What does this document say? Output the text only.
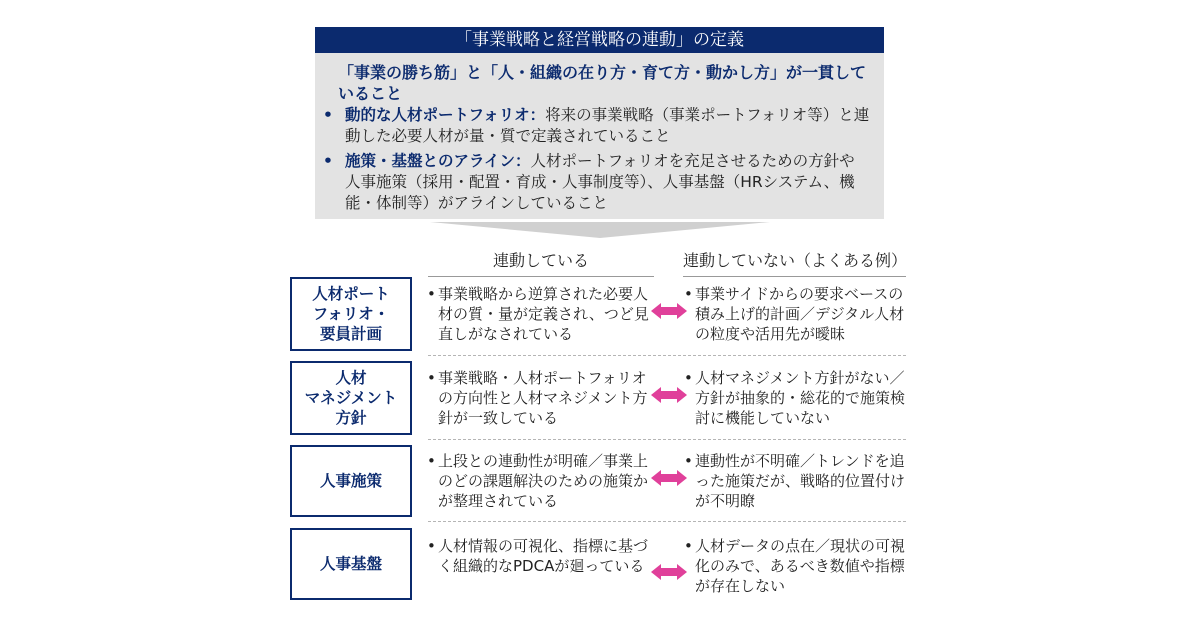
「事業戦略と経営戦略の連動」の定義
「事業の勝ち筋」と「人・組織の在り方・育て方・動かし方」が一貫していること
• 動的な人材ポートフォリオ：将来の事業戦略（事業ポートフォリオ等）と連動した必要人材が量・質で定義されていること
• 施策・基盤とのアライン：人材ポートフォリオを充足させるための方針や人事施策（採用・配置・育成・人事制度等）、人事基盤（HRシステム、機能・体制等）がアラインしていること
連動している	連動していない（よくある例）
人材ポート
フォリオ・
要員計画
• 事業戦略から逆算された必要人材の質・量が定義され、つど見直しがなされている
• 事業サイドからの要求ベースの積み上げ的計画／デジタル人材の粒度や活用先が曖昧
人材
マネジメント
方針
• 事業戦略・人材ポートフォリオの方向性と人材マネジメント方針が一致している
• 人材マネジメント方針がない／方針が抽象的・総花的で施策検討に機能していない
人事施策
• 上段との連動性が明確／事業上のどの課題解決のための施策かが整理されている
• 連動性が不明確／トレンドを追った施策だが、戦略的位置付けが不明瞭
人事基盤
• 人材情報の可視化、指標に基づく組織的なPDCAが廻っている
• 人材データの点在／現状の可視化のみで、あるべき数値や指標が存在しない
